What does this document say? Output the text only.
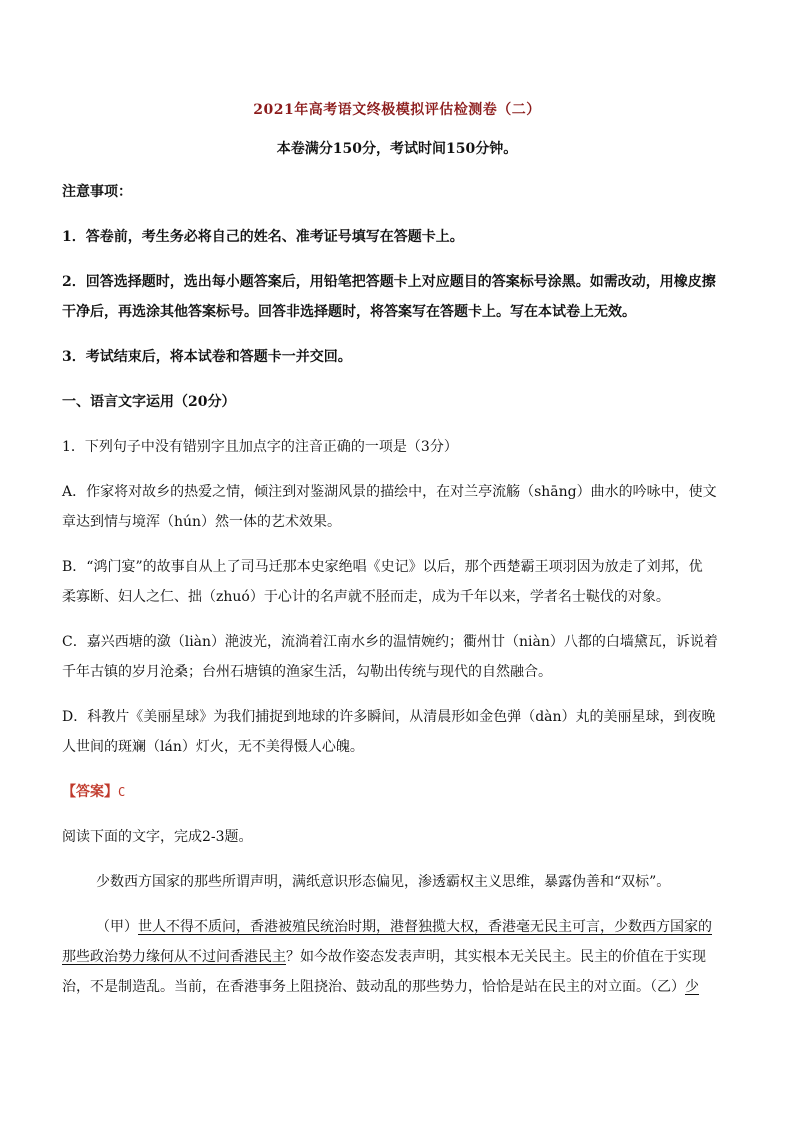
2021年高考语文终极模拟评估检测卷（二）
本卷满分150分，考试时间150分钟。
注意事项：
1．答卷前，考生务必将自己的姓名、准考证号填写在答题卡上。
2．回答选择题时，选出每小题答案后，用铅笔把答题卡上对应题目的答案标号涂黑。如需改动，用橡皮擦
干净后，再选涂其他答案标号。回答非选择题时，将答案写在答题卡上。写在本试卷上无效。
3．考试结束后，将本试卷和答题卡一并交回。
一、语言文字运用（20分）
1．下列句子中没有错别字且加点字的注音正确的一项是（3分）
A．作家将对故乡的热爱之情，倾注到对鉴湖风景的描绘中，在对兰亭流觞（shāng）曲水的吟咏中，使文
章达到情与境浑（hún）然一体的艺术效果。
B．“鸿门宴”的故事自从上了司马迁那本史家绝唱《史记》以后，那个西楚霸王项羽因为放走了刘邦，优
柔寡断、妇人之仁、拙（zhuó）于心计的名声就不胫而走，成为千年以来，学者名士鞑伐的对象。
C．嘉兴西塘的潋（liàn）滟波光，流淌着江南水乡的温情婉约；衢州廿（niàn）八都的白墙黛瓦，诉说着
千年古镇的岁月沧桑；台州石塘镇的渔家生活，勾勒出传统与现代的自然融合。
D．科教片《美丽星球》为我们捕捉到地球的许多瞬间，从清晨形如金色弹（dàn）丸的美丽星球，到夜晚
人世间的斑斓（lán）灯火，无不美得慑人心魄。
【答案】C
阅读下面的文字，完成2-3题。
少数西方国家的那些所谓声明，满纸意识形态偏见，渗透霸权主义思维，暴露伪善和“双标”。
（甲）世人不得不质问，香港被殖民统治时期，港督独揽大权，香港毫无民主可言，少数西方国家的
那些政治势力缘何从不过问香港民主？如今故作姿态发表声明，其实根本无关民主。民主的价值在于实现
治，不是制造乱。当前，在香港事务上阻挠治、鼓动乱的那些势力，恰恰是站在民主的对立面。（乙）少
